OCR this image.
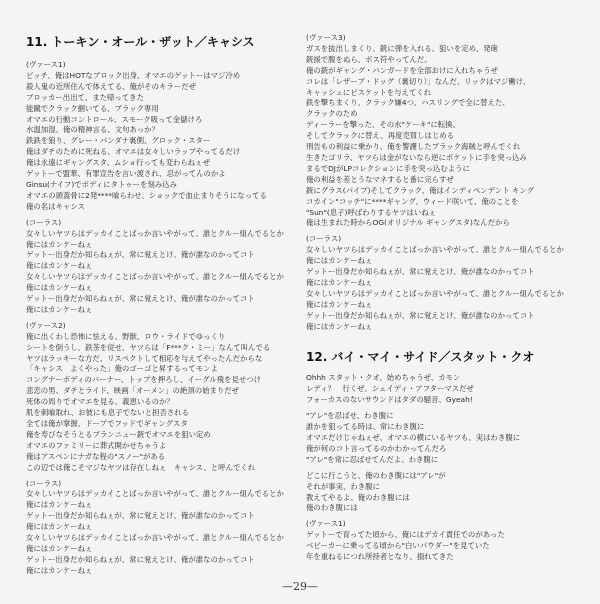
11. トーキン・オール・ザット／キャシス
(ヴァース1)
ビッチ、俺はHOTなブロック出身、オマエのゲットーはマジ冷め
殺人鬼の近所住んで体えてる、俺がそのキラーだぜ
ブロッカー出出て、また帰ってきた
能蹴でクラック捌いてる、ブラック専用
オマエの行動コントロール、スモーク吸って金儲けろ
水温加湿、俺の精神言る、文句あっか？
鉄鉄を狼り、グレー・パンダナ裏側、グロック・スター
俺はダチのために死ねる、オマエは女々しいラップやってるだけ
俺は永遠にギャングスタ、ムショ行っても変わらねぇぜ
ゲットーで盟華、有罪宣告を言い渡され、忍がってんのかよ
Ginsu(ナイフ)でボディにタトゥーを刻み込み
オマエの頭蓋骨に2発****喰らわせ、ショックで血止まりそうになってる
俺の名はキャシス
(コーラス)
女々しいヤツらはデッカイことばっか言いやがって、誰とクルー組んでるとか
俺にはカンケーねぇ
ゲットー出身だか知らねぇが、常に覚えとけ、俺が誰なのかってコト
俺にはカンケーねぇ
女々しいヤツらはデッカイことばっか言いやがって、誰とクルー組んでるとか
俺にはカンケーねぇ
ゲットー出身だか知らねぇが、常に覚えとけ、俺が誰なのかってコト
俺にはカンケーねぇ
(ヴァース2)
俺に出くわし恐怖に怯える、野獣、ロウ・ライドでゆっくり
シートを倒うし、鉄茶を従せ、ヤツらは「F***ク・ミー」なんて叫んでる
ヤツはラッキーな方だ、リスペクトして相応を与えてやったんだからな
「キャシス　よくやった」俺のゴーゴと昇するってモンよ
コングナーボディのバーナー、トップを押ろし、イーグル飛を見せつけ
悲恋の男、ダチとライド、映画「オーメン」の絶頂の始まりだぜ
死体の周りでオマエを見る、義恵いるのか？
肌を刺喰取れ、お彼にも息子でないと担否される
全ては俺が掌握、ドープでフッドでギャングスタ
俺を寿びなそうとるブランニュー銃でオマエを狙い定め
オマエのファミリーに葬式開かせちゃうよ
俺はアスペンにナガな程の"スノー"がある
この辺では俺こそマジなヤツは存在しねぇ　キャシス、と呼んでくれ
(コーラス)
女々しいヤツらはデッカイことばっか言いやがって、誰とクルー組んでるとか
俺にはカンケーねぇ
ゲットー出身だか知らねぇが、常に覚えとけ、俺が誰なのかってコト
俺にはカンケーねぇ
女々しいヤツらはデッカイことばっか言いやがって、誰とクルー組んでるとか
俺にはカンケーねぇ
ゲットー出身だか知らねぇが、常に覚えとけ、俺が誰なのかってコト
俺にはカンケーねぇ
(ヴァース3)
ガスを抜出しまくり、銃に弾を入れる、狙いを定め、発砲
銃援で腹をぬら、ボス符やってんだ。
俺の銃がギャング・バンガードを全部おけに入れちゃうぜ
コレは「レザーブ・ドッグ（裏切り）」なんだ、リックはマジ働け、
キャッシュにビスケットを与えてくれ
鉄を撃ちまくり、クラック嫌4つ、ハスリングで全に替えた、
クラックのため
ディーラーを撃った、その水"ケーキ"に転換、
そしてクラックに替え、再度売買しはじめる
刑告もの利益に乗かり、俺を警護したブラック海賊と呼んでくれ
生きたゴリラ、ヤツらは金がないなら逆にポケットに手を突っ込み
まるでDJがLPコレクションに手を突っ込むように
俺の利益を差とうなマネすると番に完らすぜ
銃にグラス(パイプ)そしてクラック、俺はインディペンデント キング
コカイン"コッチ"に****ギャング、ウィード咲いて、俺のことを
"Sun"(息子)呼ばわりするヤツはいねぇ
俺は生まれた時からOG(オリジナル ギャングスタ)なんだから
(コーラス)
女々しいヤツらはデッカイことばっか言いやがって、誰とクルー組んでるとか
俺にはカンケーねぇ
ゲットー出身だか知らねぇが、常に覚えとけ、俺が誰なのかってコト
俺にはカンケーねぇ
女々しいヤツらはデッカイことばっか言いやがって、誰とクルー組んでるとか
俺にはカンケーねぇ
ゲットー出身だか知らねぇが、常に覚えとけ、俺が誰なのかってコト
俺にはカンケーねぇ
12. バイ・マイ・サイド／スタット・クオ
Ohhh スタット・クオ、始めちゃうぜ、カモン
レディ？　行くぜ、シェイディ・アフターマスだぜ
フォーカスのないサウンドはタダの騒音、Gyeah!
"アレ"を忍ばせ、わき腹に
誰かを狙ってる時は、常にわき腹に
オマエだけじゃねぇぜ、オマエの横にいるヤツも、実はわき腹に
俺が何のコト言ってるのかわかってんだろ
"アレ"を常に忍ばせてんだよ、わき腹に
どこに行こうと、俺のわき腹には"アレ"が
それが事実、わき腹に
教えてやるよ、俺のわき腹には
俺のわき腹には
(ヴァース1)
ゲットーで育ってた頃から、俺にはデカイ責任でのがあった
ベビーカーに乗ってる頃から"白いパウダー"を見ていた
年を重ねるにつれ所持者となり、損れてきた
—29—
